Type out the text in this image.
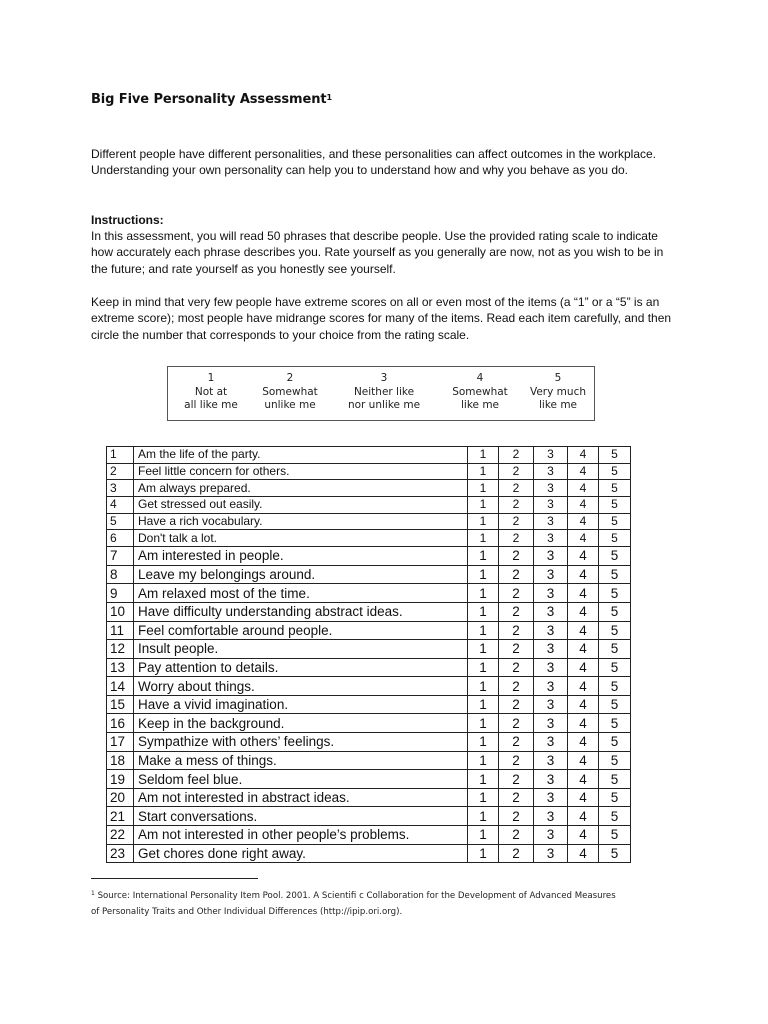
Big Five Personality Assessment$^1$

Different people have different personalities, and these personalities can affect outcomes in the workplace. Understanding your own personality can help you to understand how and why you behave as you do.

Instructions:

In this assessment, you will read 50 phrases that describe people. Use the provided rating scale to indicate how accurately each phrase describes you. Rate yourself as you generally are now, not as you wish to be in the future; and rate yourself as you honestly see yourself.

Keep in mind that very few people have extreme scores on all or even most of the items (a “1” or a “5” is an extreme score); most people have midrange scores for many of the items. Read each item carefully, and then circle the number that corresponds to your choice from the rating scale.

1
Not at
all like me
2
Somewhat
unlike me
3
Neither like
nor unlike me
4
Somewhat
like me
5
Very much
like me
1	Am the life of the party.	1	2	3	4	5
2	Feel little concern for others.	1	2	3	4	5
3	Am always prepared.	1	2	3	4	5
4	Get stressed out easily.	1	2	3	4	5
5	Have a rich vocabulary.	1	2	3	4	5
6	Don't talk a lot.	1	2	3	4	5
7	Am interested in people.	1	2	3	4	5
8	Leave my belongings around.	1	2	3	4	5
9	Am relaxed most of the time.	1	2	3	4	5
10	Have difficulty understanding abstract ideas.	1	2	3	4	5
11	Feel comfortable around people.	1	2	3	4	5
12	Insult people.	1	2	3	4	5
13	Pay attention to details.	1	2	3	4	5
14	Worry about things.	1	2	3	4	5
15	Have a vivid imagination.	1	2	3	4	5
16	Keep in the background.	1	2	3	4	5
17	Sympathize with others’ feelings.	1	2	3	4	5
18	Make a mess of things.	1	2	3	4	5
19	Seldom feel blue.	1	2	3	4	5
20	Am not interested in abstract ideas.	1	2	3	4	5
21	Start conversations.	1	2	3	4	5
22	Am not interested in other people’s problems.	1	2	3	4	5
23	Get chores done right away.	1	2	3	4	5
$^1$ Source: International Personality Item Pool. 2001. A Scientifi c Collaboration for the Development of Advanced Measures
of Personality Traits and Other Individual Differences (http://ipip.ori.org).
